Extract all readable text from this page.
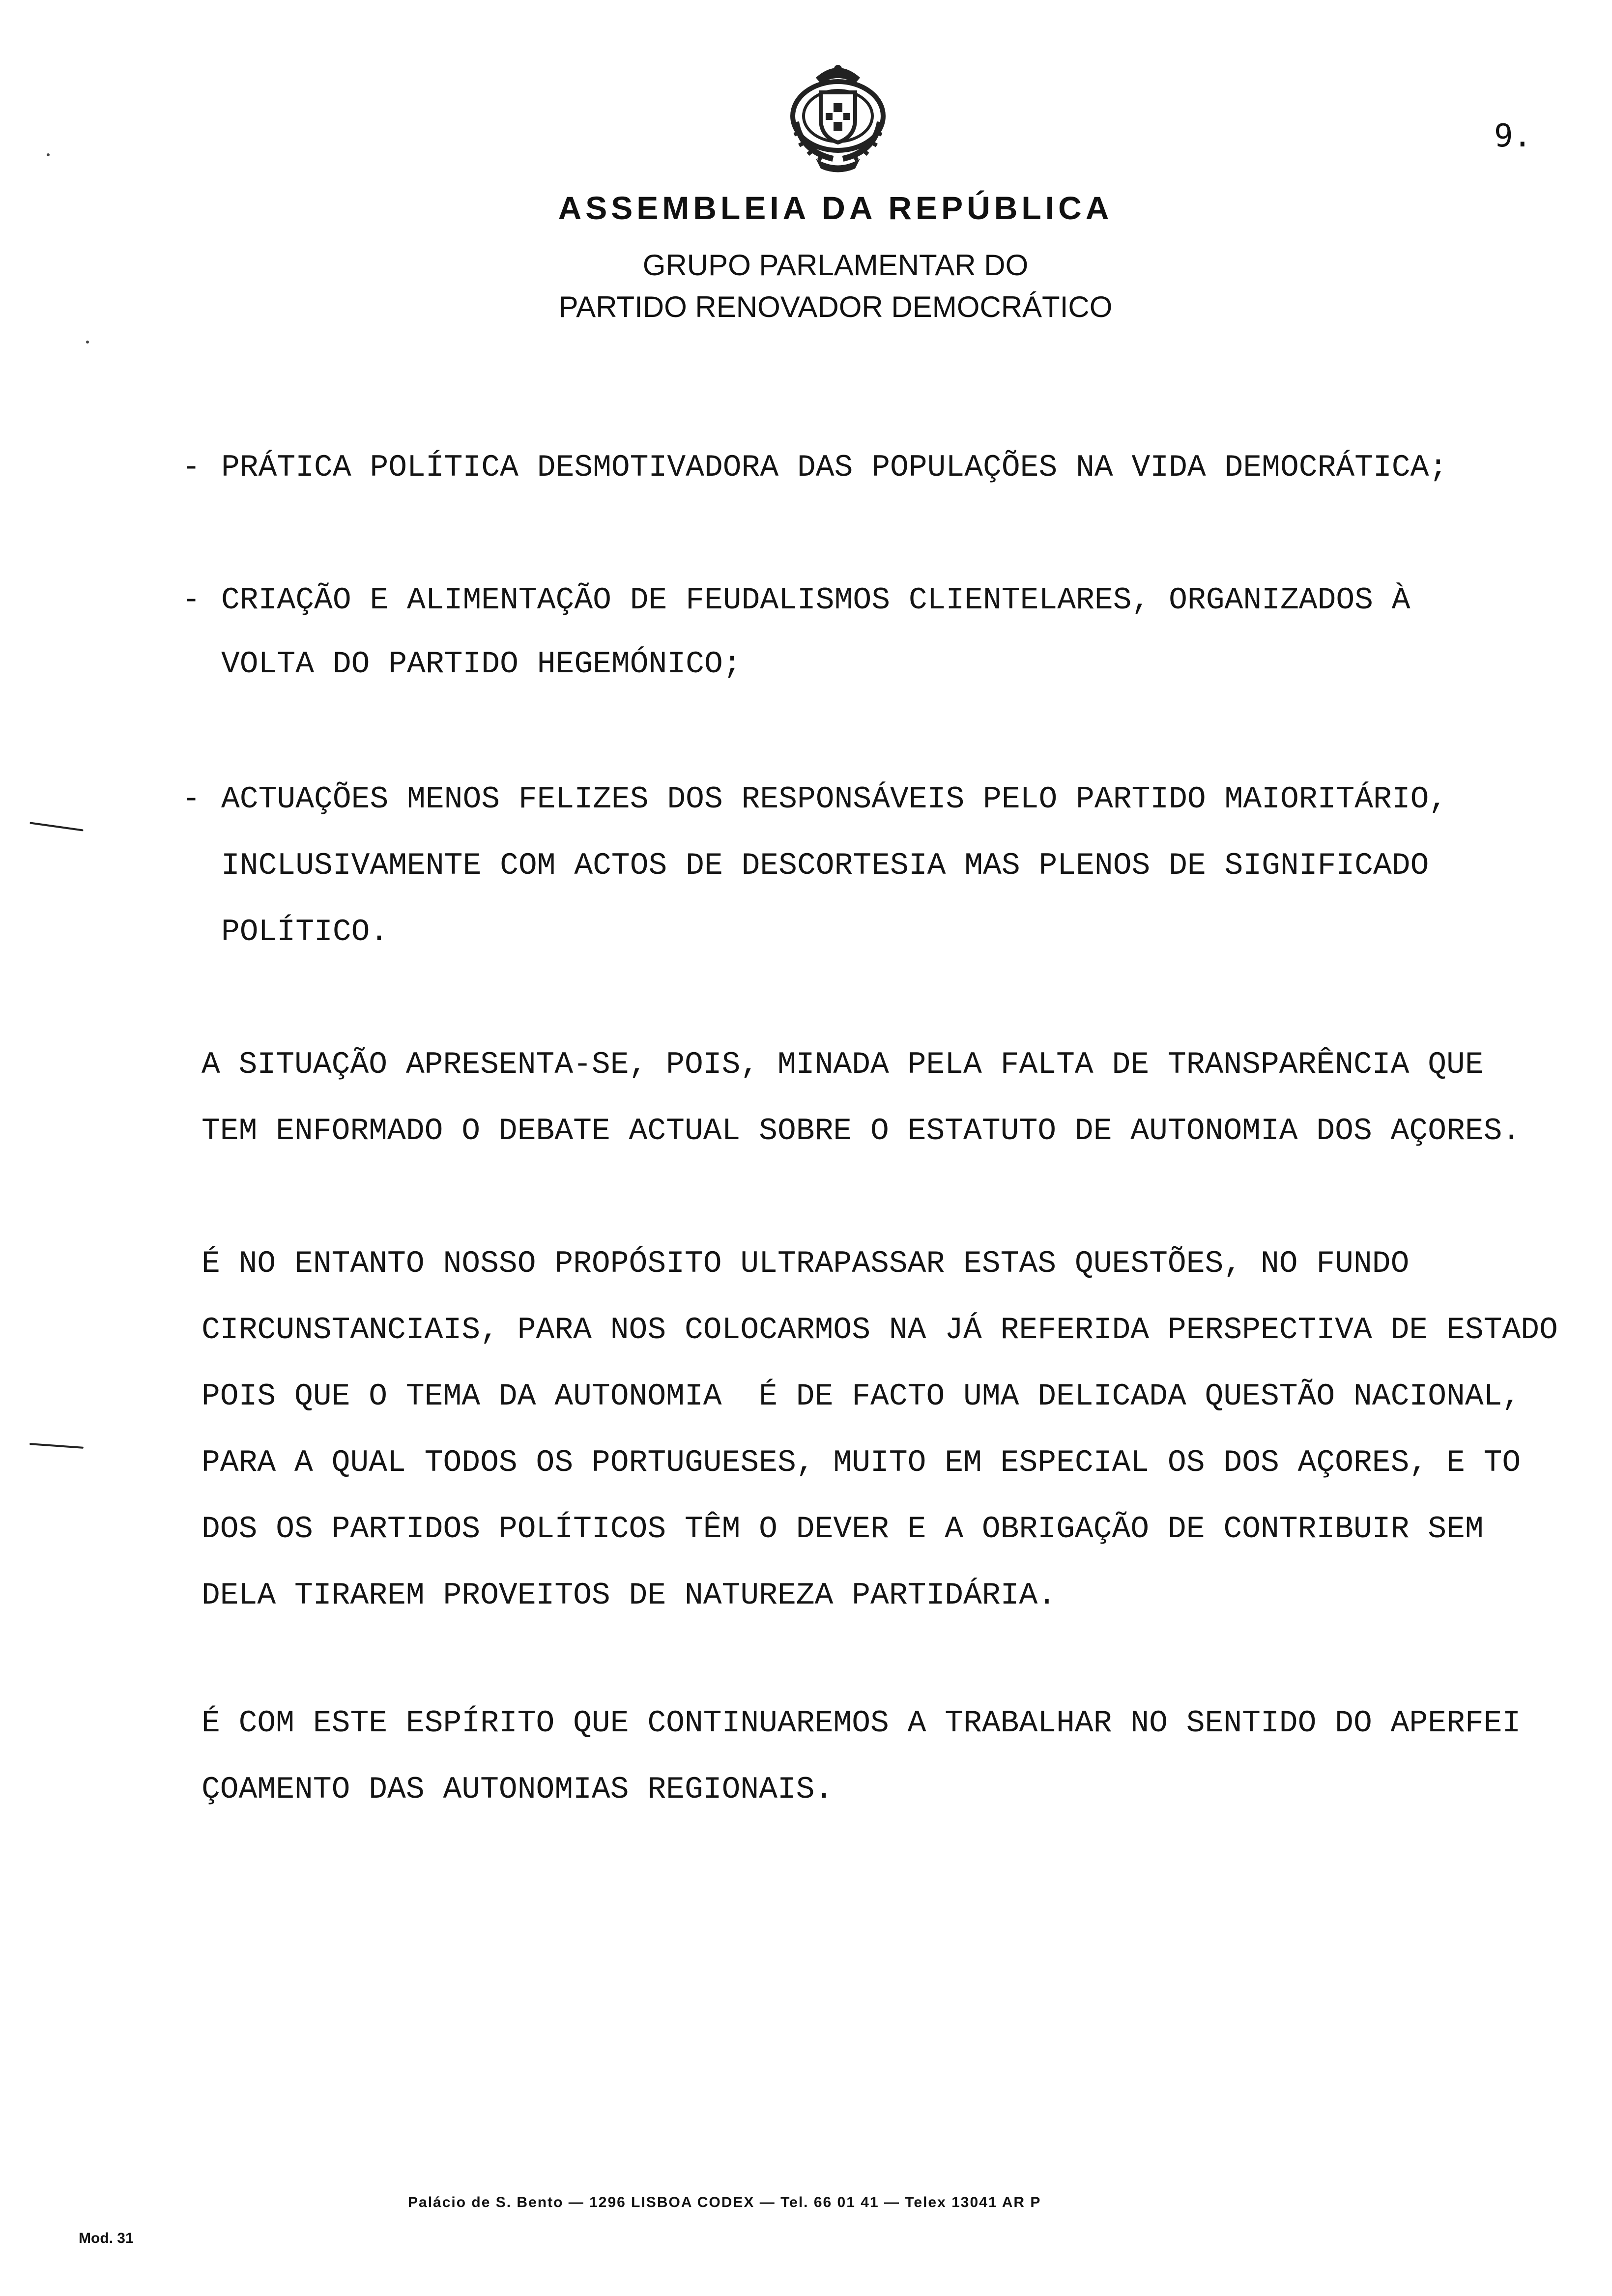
9.
ASSEMBLEIA DA REPÚBLICA
GRUPO PARLAMENTAR DO
PARTIDO RENOVADOR DEMOCRÁTICO
- PRÁTICA POLÍTICA DESMOTIVADORA DAS POPULAÇÕES NA VIDA DEMOCRÁTICA;
- CRIAÇÃO E ALIMENTAÇÃO DE FEUDALISMOS CLIENTELARES, ORGANIZADOS À
VOLTA DO PARTIDO HEGEMÓNICO;
- ACTUAÇÕES MENOS FELIZES DOS RESPONSÁVEIS PELO PARTIDO MAIORITÁRIO,
INCLUSIVAMENTE COM ACTOS DE DESCORTESIA MAS PLENOS DE SIGNIFICADO
POLÍTICO.
A SITUAÇÃO APRESENTA-SE, POIS, MINADA PELA FALTA DE TRANSPARÊNCIA QUE
TEM ENFORMADO O DEBATE ACTUAL SOBRE O ESTATUTO DE AUTONOMIA DOS AÇORES.
É NO ENTANTO NOSSO PROPÓSITO ULTRAPASSAR ESTAS QUESTÕES, NO FUNDO
CIRCUNSTANCIAIS, PARA NOS COLOCARMOS NA JÁ REFERIDA PERSPECTIVA DE ESTADO
POIS QUE O TEMA DA AUTONOMIA  É DE FACTO UMA DELICADA QUESTÃO NACIONAL,
PARA A QUAL TODOS OS PORTUGUESES, MUITO EM ESPECIAL OS DOS AÇORES, E TO
DOS OS PARTIDOS POLÍTICOS TÊM O DEVER E A OBRIGAÇÃO DE CONTRIBUIR SEM
DELA TIRAREM PROVEITOS DE NATUREZA PARTIDÁRIA.
É COM ESTE ESPÍRITO QUE CONTINUAREMOS A TRABALHAR NO SENTIDO DO APERFEI
ÇOAMENTO DAS AUTONOMIAS REGIONAIS.
Palácio de S. Bento — 1296 LISBOA CODEX — Tel. 66 01 41 — Telex 13041 AR P
Mod. 31
